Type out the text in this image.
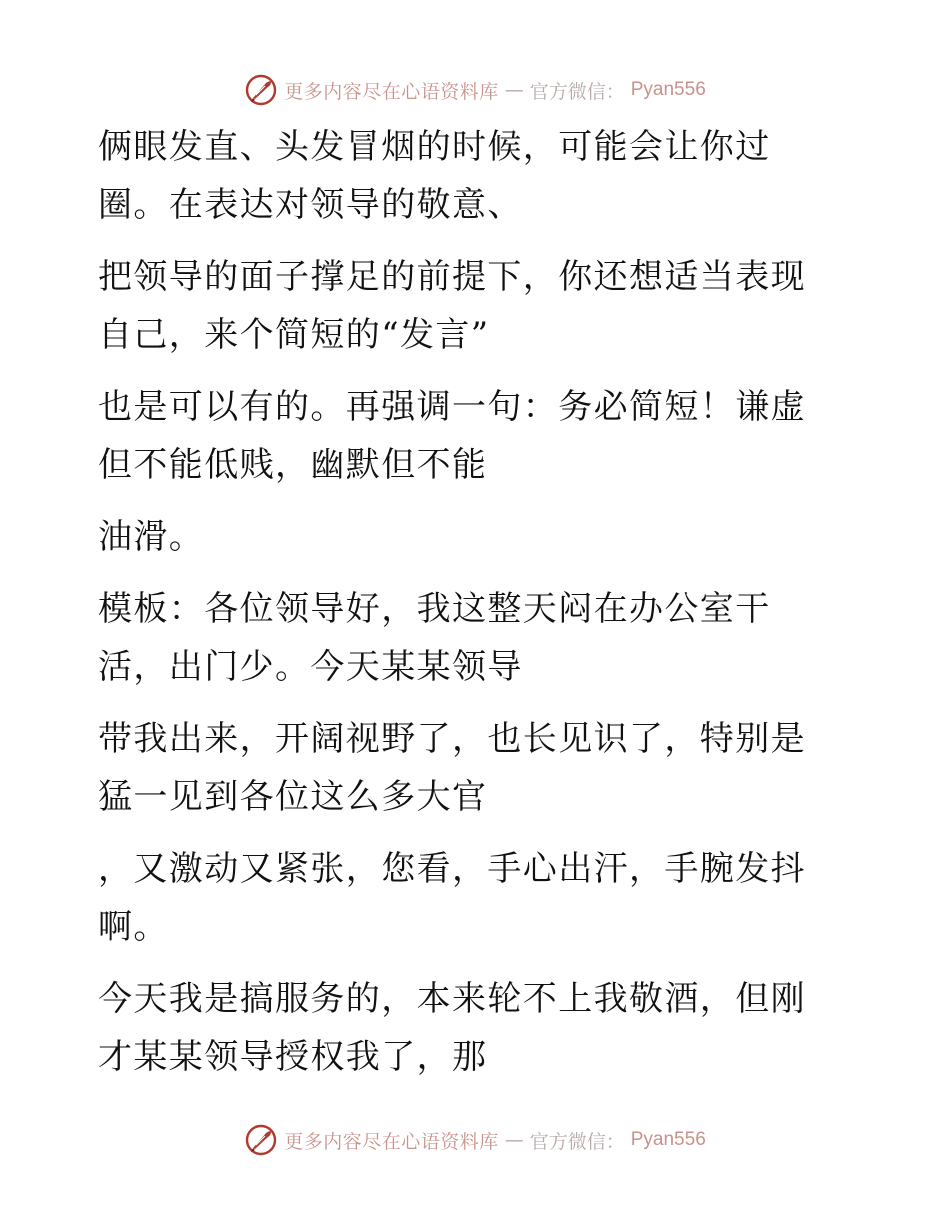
更多内容尽在心语资料库 — 官方微信： Pyan556

俩眼发直、头发冒烟的时候，可能会让你过圈。在表达对领导的敬意、

把领导的面子撑足的前提下，你还想适当表现自己，来个简短的“发言”

也是可以有的。再强调一句：务必简短！谦虚但不能低贱，幽默但不能

油滑。

模板：各位领导好，我这整天闷在办公室干活，出门少。今天某某领导

带我出来，开阔视野了，也长见识了，特别是猛一见到各位这么多大官

，又激动又紧张，您看，手心出汗，手腕发抖啊。

今天我是搞服务的，本来轮不上我敬酒，但刚才某某领导授权我了，那

更多内容尽在心语资料库 — 官方微信： Pyan556
